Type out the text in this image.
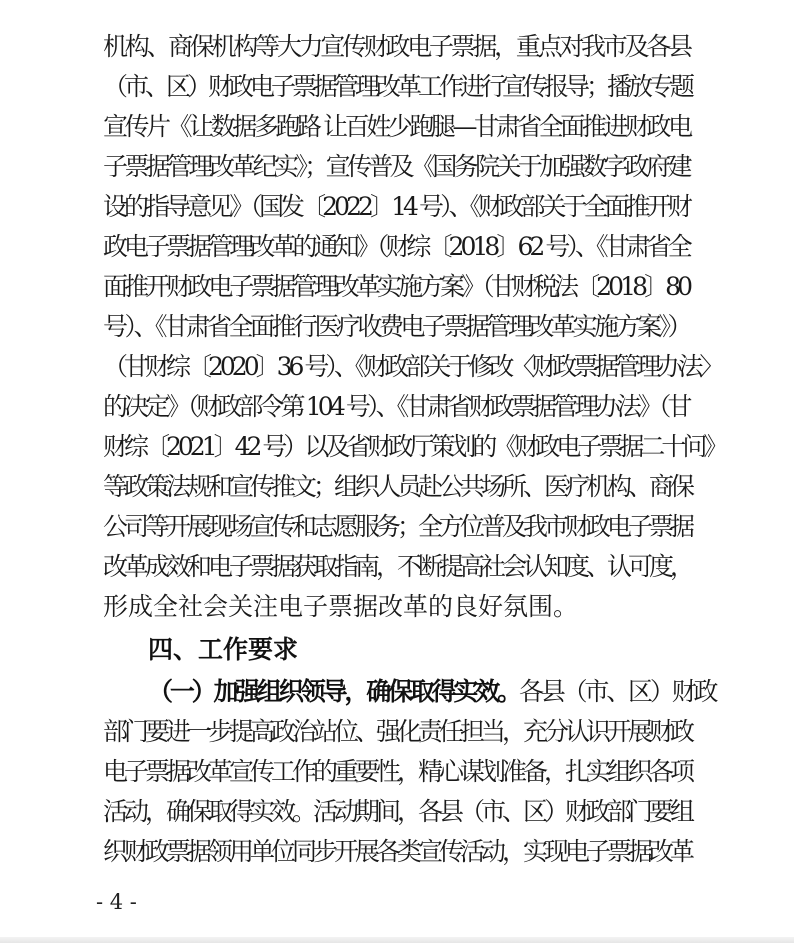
机构、商保机构等大力宣传财政电子票据，重点对我市及各县
（市、区）财政电子票据管理改革工作进行宣传报导；播放专题
宣传片《让数据多跑路 让百姓少跑腿—甘肃省全面推进财政电
子票据管理改革纪实》；宣传普及《国务院关于加强数字政府建
设的指导意见》（国发〔2022〕14 号）、《财政部关于全面推开财
政电子票据管理改革的通知》（财综〔2018〕62 号）、《甘肃省全
面推开财政电子票据管理改革实施方案》（甘财税法〔2018〕80
号）、《甘肃省全面推行医疗收费电子票据管理改革实施方案》）
（甘财综〔2020〕36 号）、《财政部关于修改〈财政票据管理办法〉
的决定》（财政部令第 104 号）、《甘肃省财政票据管理办法》（甘
财综〔2021〕42 号）以及省财政厅策划的《财政电子票据二十问》
等政策法规和宣传推文；组织人员赴公共场所、医疗机构、商保
公司等开展现场宣传和志愿服务；全方位普及我市财政电子票据
改革成效和电子票据获取指南，不断提高社会认知度、认可度，
形成全社会关注电子票据改革的良好氛围。
四、工作要求
（一）加强组织领导，确保取得实效。各县（市、区）财政
部门要进一步提高政治站位、强化责任担当，充分认识开展财政
电子票据改革宣传工作的重要性，精心谋划准备，扎实组织各项
活动，确保取得实效。活动期间，各县（市、区）财政部门要组
织财政票据领用单位同步开展各类宣传活动，实现电子票据改革
- 4 -
